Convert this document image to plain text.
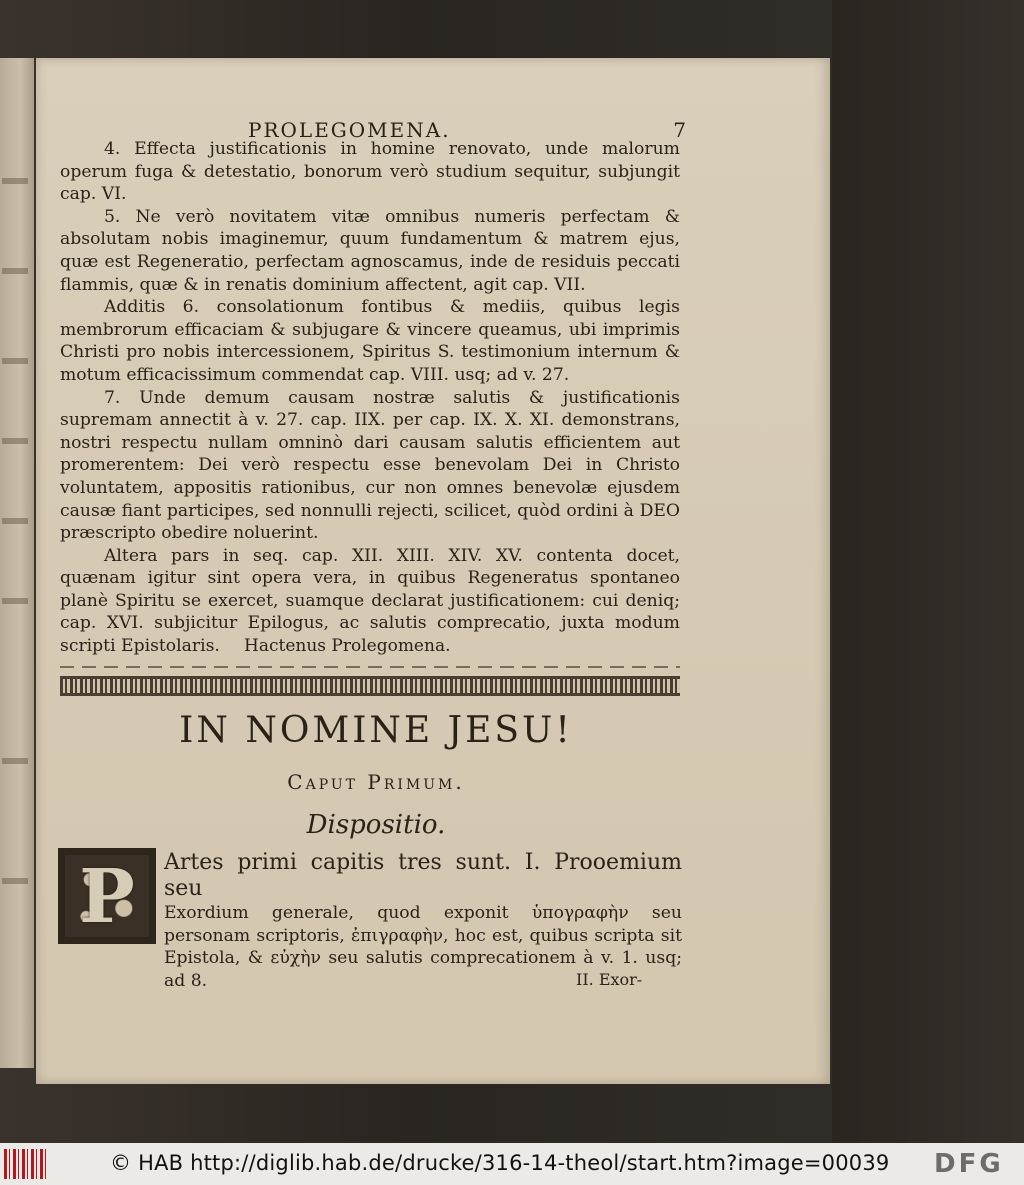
PROLEGOMENA.	7

4. Effecta justificationis in homine renovato, unde malorum operum fuga & detestatio, bonorum verò studium sequitur, subjungit cap. VI.

5. Ne verò novitatem vitæ omnibus numeris perfectam & absolutam nobis imaginemur, quum fundamentum & matrem ejus, quæ est Regeneratio, perfectam agnoscamus, inde de residuis peccati flammis, quæ & in renatis dominium affectent, agit cap. VII.

Additis 6. consolationum fontibus & mediis, quibus legis membrorum efficaciam & subjugare & vincere queamus, ubi imprimis Christi pro nobis intercessionem, Spiritus S. testimonium internum & motum efficacissimum commendat cap. VIII. usq; ad v. 27.

7. Unde demum causam nostræ salutis & justificationis supremam annectit à v. 27. cap. IIX. per cap. IX. X. XI. demonstrans, nostri respectu nullam omninò dari causam salutis efficientem aut promerentem: Dei verò respectu esse benevolam Dei in Christo voluntatem, appositis rationibus, cur non omnes benevolæ ejusdem causæ fiant participes, sed nonnulli rejecti, scilicet, quòd ordini à DEO præscripto obedire noluerint.

Altera pars in seq. cap. XII. XIII. XIV. XV. contenta docet, quænam igitur sint opera vera, in quibus Regeneratus spontaneo planè Spiritu se exercet, suamque declarat justificationem: cui deniq; cap. XVI. subjicitur Epilogus, ac salutis comprecatio, juxta modum scripti Epistolaris.	Hactenus Prolegomena.
IN NOMINE JESU!
Caput Primum.
Dispositio.
P	Artes primi capitis tres sunt. I. Prooemium seu
Exordium generale, quod exponit ὑπογραφὴν seu personam scriptoris, ἐπιγραφὴν, hoc est, quibus scripta sit Epistola, & εὐχὴν seu salutis comprecationem à v. 1. usq; ad 8.	II. Exor-
© HAB http://diglib.hab.de/drucke/316-14-theol/start.htm?image=00039 DFG
